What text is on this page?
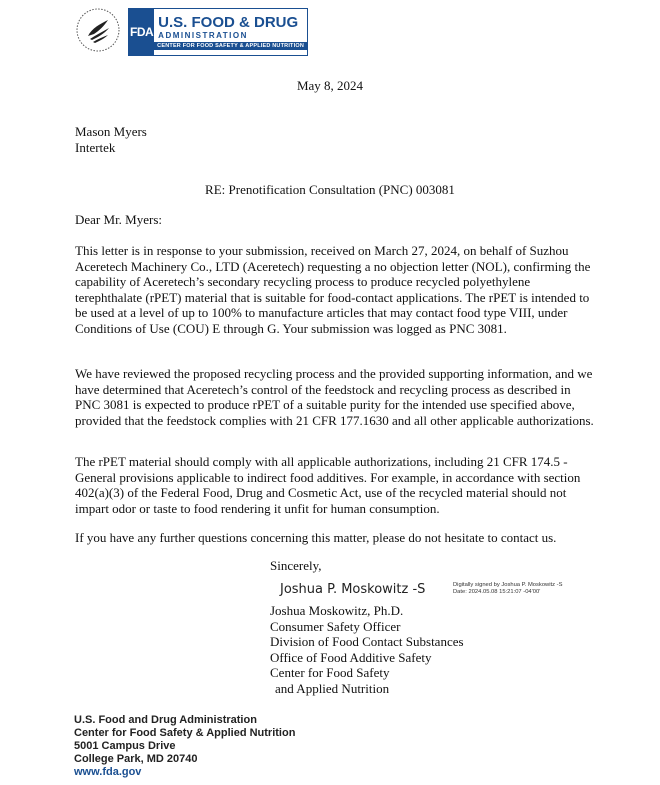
FDA
U.S. FOOD & DRUG
ADMINISTRATION
CENTER FOR FOOD SAFETY & APPLIED NUTRITION
May 8, 2024
Mason Myers
Intertek
RE: Prenotification Consultation (PNC) 003081
Dear Mr. Myers:
This letter is in response to your submission, received on March 27, 2024, on behalf of Suzhou Aceretech Machinery Co., LTD (Aceretech) requesting a no objection letter (NOL), confirming the capability of Aceretech’s secondary recycling process to produce recycled polyethylene terephthalate (rPET) material that is suitable for food-contact applications. The rPET is intended to be used at a level of up to 100% to manufacture articles that may contact food type VIII, under Conditions of Use (COU) E through G. Your submission was logged as PNC 3081.
We have reviewed the proposed recycling process and the provided supporting information, and we have determined that Aceretech’s control of the feedstock and recycling process as described in PNC 3081 is expected to produce rPET of a suitable purity for the intended use specified above, provided that the feedstock complies with 21 CFR 177.1630 and all other applicable authorizations.
The rPET material should comply with all applicable authorizations, including 21 CFR 174.5 - General provisions applicable to indirect food additives. For example, in accordance with section 402(a)(3) of the Federal Food, Drug and Cosmetic Act, use of the recycled material should not impart odor or taste to food rendering it unfit for human consumption.
If you have any further questions concerning this matter, please do not hesitate to contact us.
Sincerely,
Joshua P. Moskowitz -S	Digitally signed by Joshua P. Moskowitz -S
Date: 2024.05.08 15:21:07 -04'00'
Joshua Moskowitz, Ph.D.
Consumer Safety Officer
Division of Food Contact Substances
Office of Food Additive Safety
Center for Food Safety
and Applied Nutrition
U.S. Food and Drug Administration
Center for Food Safety & Applied Nutrition
5001 Campus Drive
College Park, MD 20740
www.fda.gov
